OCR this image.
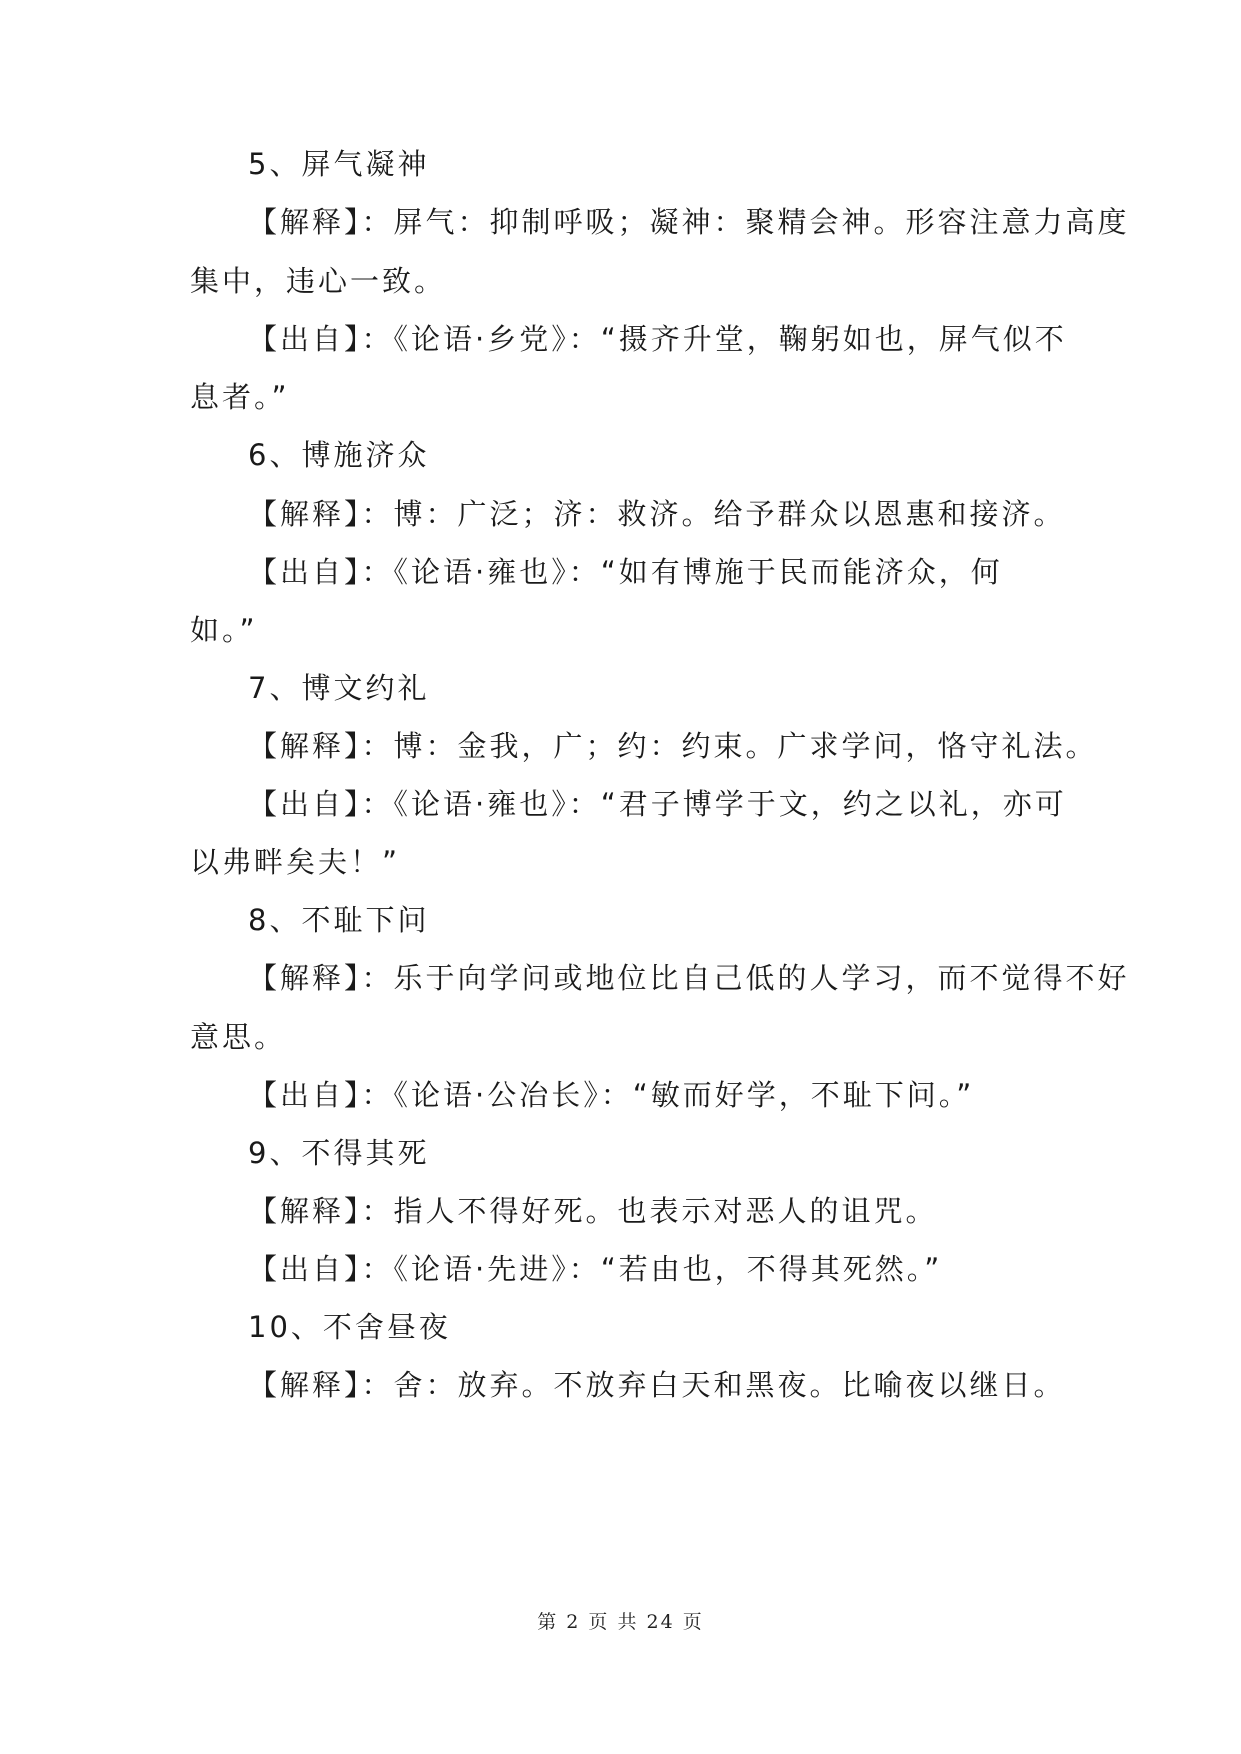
5、屏气凝神
【解释】：屏气：抑制呼吸；凝神：聚精会神。形容注意力高度
集中，违心一致。
【出自】：《论语·乡党》：“摄齐升堂，鞠躬如也，屏气似不
息者。”
6、博施济众
【解释】：博：广泛；济：救济。给予群众以恩惠和接济。
【出自】：《论语·雍也》：“如有博施于民而能济众，何
如。”
7、博文约礼
【解释】：博：金我，广；约：约束。广求学问，恪守礼法。
【出自】：《论语·雍也》：“君子博学于文，约之以礼，亦可
以弗畔矣夫！”
8、不耻下问
【解释】：乐于向学问或地位比自己低的人学习，而不觉得不好
意思。
【出自】：《论语·公冶长》：“敏而好学，不耻下问。”
9、不得其死
【解释】：指人不得好死。也表示对恶人的诅咒。
【出自】：《论语·先进》：“若由也，不得其死然。”
10、不舍昼夜
【解释】：舍：放弃。不放弃白天和黑夜。比喻夜以继日。
第 2 页 共 24 页
